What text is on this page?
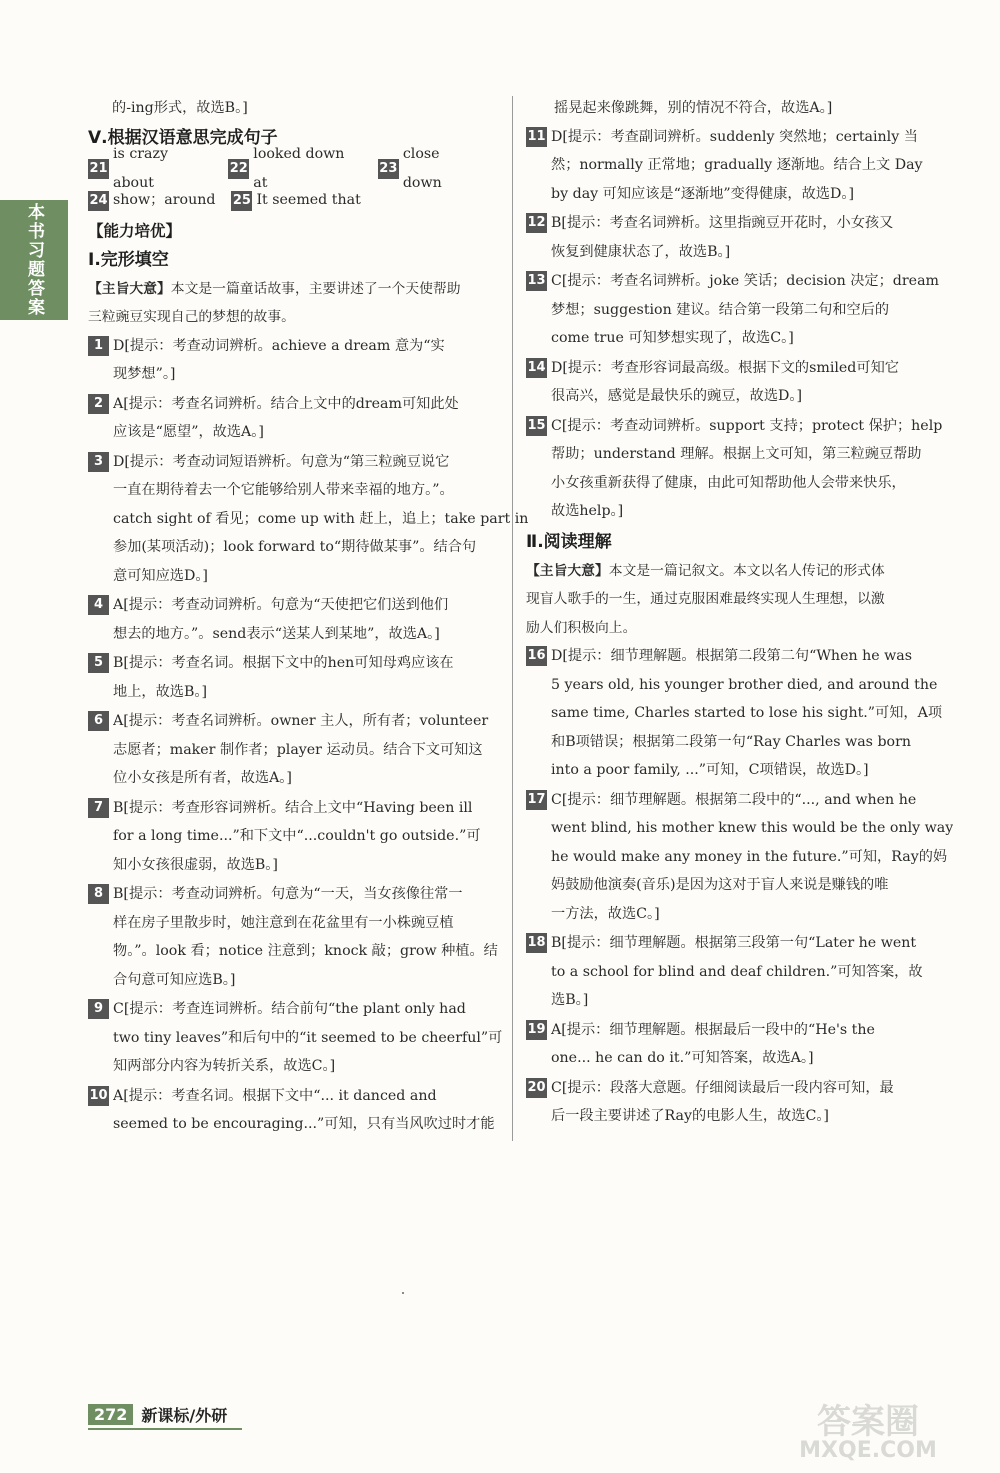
本书习题答案
的-ing形式，故选B。]
Ⅴ.根据汉语意思完成句子
21
is crazy about
22
looked down at
23
close down
24 show；around 25 It seemed that
【能力培优】
Ⅰ.完形填空
【主旨大意】本文是一篇童话故事，主要讲述了一个天使帮助
三粒豌豆实现自己的梦想的故事。
1 D[提示：考查动词辨析。achieve a dream 意为“实
现梦想”。]
2 A[提示：考查名词辨析。结合上文中的dream可知此处
应该是“愿望”，故选A。]
3 D[提示：考查动词短语辨析。句意为“第三粒豌豆说它
一直在期待着去一个它能够给别人带来幸福的地方。”。
catch sight of 看见；come up with 赶上，追上；take part in
参加(某项活动)；look forward to“期待做某事”。结合句
意可知应选D。]
4 A[提示：考查动词辨析。句意为“天使把它们送到他们
想去的地方。”。send表示“送某人到某地”，故选A。]
5 B[提示：考查名词。根据下文中的hen可知母鸡应该在
地上，故选B。]
6 A[提示：考查名词辨析。owner 主人，所有者；volunteer
志愿者；maker 制作者；player 运动员。结合下文可知这
位小女孩是所有者，故选A。]
7 B[提示：考查形容词辨析。结合上文中“Having been ill
for a long time...”和下文中“...couldn't go outside.”可
知小女孩很虚弱，故选B。]
8 B[提示：考查动词辨析。句意为“一天，当女孩像往常一
样在房子里散步时，她注意到在花盆里有一小株豌豆植
物。”。look 看；notice 注意到；knock 敲；grow 种植。结
合句意可知应选B。]
9 C[提示：考查连词辨析。结合前句“the plant only had
two tiny leaves”和后句中的“it seemed to be cheerful”可
知两部分内容为转折关系，故选C。]
10 A[提示：考查名词。根据下文中“... it danced and
seemed to be encouraging...”可知，只有当风吹过时才能
摇晃起来像跳舞，别的情况不符合，故选A。]
11 D[提示：考查副词辨析。suddenly 突然地；certainly 当
然；normally 正常地；gradually 逐渐地。结合上文 Day
by day 可知应该是“逐渐地”变得健康，故选D。]
12 B[提示：考查名词辨析。这里指豌豆开花时，小女孩又
恢复到健康状态了，故选B。]
13 C[提示：考查名词辨析。joke 笑话；decision 决定；dream
梦想；suggestion 建议。结合第一段第二句和空后的
come true 可知梦想实现了，故选C。]
14 D[提示：考查形容词最高级。根据下文的smiled可知它
很高兴，感觉是最快乐的豌豆，故选D。]
15 C[提示：考查动词辨析。support 支持；protect 保护；help
帮助；understand 理解。根据上文可知，第三粒豌豆帮助
小女孩重新获得了健康，由此可知帮助他人会带来快乐，
故选help。]
Ⅱ.阅读理解
【主旨大意】本文是一篇记叙文。本文以名人传记的形式体
现盲人歌手的一生，通过克服困难最终实现人生理想，以激
励人们积极向上。
16 D[提示：细节理解题。根据第二段第二句“When he was
5 years old, his younger brother died, and around the
same time, Charles started to lose his sight.”可知，A项
和B项错误；根据第二段第一句“Ray Charles was born
into a poor family, ...”可知，C项错误，故选D。]
17 C[提示：细节理解题。根据第二段中的“..., and when he
went blind, his mother knew this would be the only way
he would make any money in the future.”可知，Ray的妈
妈鼓励他演奏(音乐)是因为这对于盲人来说是赚钱的唯
一方法，故选C。]
18 B[提示：细节理解题。根据第三段第一句“Later he went
to a school for blind and deaf children.”可知答案，故
选B。]
19 A[提示：细节理解题。根据最后一段中的“He's the
one... he can do it.”可知答案，故选A。]
20 C[提示：段落大意题。仔细阅读最后一段内容可知，最
后一段主要讲述了Ray的电影人生，故选C。]
272 新课标/外研	答案圈
MXQE.COM
